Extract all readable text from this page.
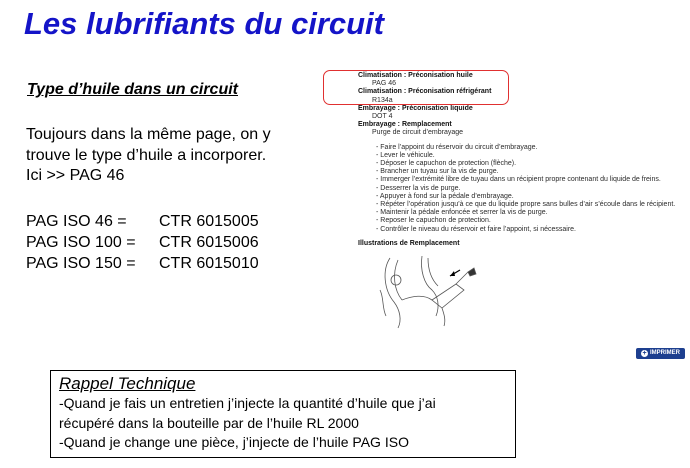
Les lubrifiants du circuit
Type d’huile dans un circuit
Toujours dans la même page, on y
trouve le type d’huile a incorporer.
Ici >> PAG 46
PAG ISO 46 =	CTR 6015005
PAG ISO 100 =	CTR 6015006
PAG ISO 150 =	CTR 6015010
Climatisation : Préconisation huile
PAG 46
Climatisation : Préconisation réfrigérant
R134a
Embrayage : Préconisation liquide
DOT 4
Embrayage : Remplacement
Purge de circuit d’embrayage
- Faire l’appoint du réservoir du circuit d’embrayage.
- Lever le véhicule.
- Déposer le capuchon de protection (flèche).
- Brancher un tuyau sur la vis de purge.
- Immerger l’extrémité libre de tuyau dans un récipient propre contenant du liquide de freins.
- Desserrer la vis de purge.
- Appuyer à fond sur la pédale d’embrayage.
- Répéter l’opération jusqu’à ce que du liquide propre sans bulles d’air s’écoule dans le récipient.
- Maintenir la pédale enfoncée et serrer la vis de purge.
- Reposer le capuchon de protection.
- Contrôler le niveau du réservoir et faire l’appoint, si nécessaire.
Illustrations de Remplacement
+ IMPRIMER
Rappel Technique
-Quand je fais un entretien j’injecte la quantité d’huile que j’ai
récupéré dans la bouteille par de l’huile RL 2000
-Quand je change une pièce, j’injecte de l’huile PAG ISO
